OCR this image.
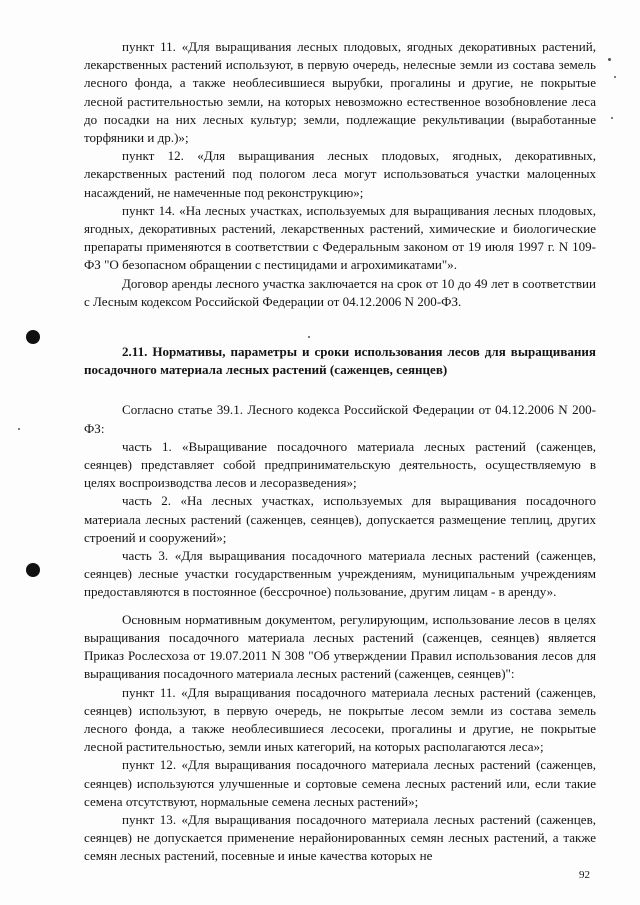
пункт 11. «Для выращивания лесных плодовых, ягодных декоративных растений, лекарственных растений используют, в первую очередь, нелесные земли из состава земель лесного фонда, а также необлесившиеся вырубки, прогалины и другие, не покрытые лесной растительностью земли, на которых невозможно естественное возобновление леса до посадки на них лесных культур; земли, подлежащие рекультивации (выработанные торфяники и др.)»;

пункт 12. «Для выращивания лесных плодовых, ягодных, декоративных, лекарственных растений под пологом леса могут использоваться участки малоценных насаждений, не намеченные под реконструкцию»;

пункт 14. «На лесных участках, используемых для выращивания лесных плодовых, ягодных, декоративных растений, лекарственных растений, химические и биологические препараты применяются в соответствии с Федеральным законом от 19 июля 1997 г. N 109-ФЗ "О безопасном обращении с пестицидами и агрохимикатами"».

Договор аренды лесного участка заключается на срок от 10 до 49 лет в соответствии с Лесным кодексом Российской Федерации от 04.12.2006 N 200-ФЗ.

2.11. Нормативы, параметры и сроки использования лесов для выращивания посадочного материала лесных растений (саженцев, сеянцев)

Согласно статье 39.1. Лесного кодекса Российской Федерации от 04.12.2006 N 200-ФЗ:

часть 1. «Выращивание посадочного материала лесных растений (саженцев, сеянцев) представляет собой предпринимательскую деятельность, осуществляемую в целях воспроизводства лесов и лесоразведения»;

часть 2. «На лесных участках, используемых для выращивания посадочного материала лесных растений (саженцев, сеянцев), допускается размещение теплиц, других строений и сооружений»;

часть 3. «Для выращивания посадочного материала лесных растений (саженцев, сеянцев) лесные участки государственным учреждениям, муниципальным учреждениям предоставляются в постоянное (бессрочное) пользование, другим лицам - в аренду».

Основным нормативным документом, регулирующим, использование лесов в целях выращивания посадочного материала лесных растений (саженцев, сеянцев) является Приказ Рослесхоза от 19.07.2011 N 308 "Об утверждении Правил использования лесов для выращивания посадочного материала лесных растений (саженцев, сеянцев)":

пункт 11. «Для выращивания посадочного материала лесных растений (саженцев, сеянцев) используют, в первую очередь, не покрытые лесом земли из состава земель лесного фонда, а также необлесившиеся лесосеки, прогалины и другие, не покрытые лесной растительностью, земли иных категорий, на которых располагаются леса»;

пункт 12. «Для выращивания посадочного материала лесных растений (саженцев, сеянцев) используются улучшенные и сортовые семена лесных растений или, если такие семена отсутствуют, нормальные семена лесных растений»;

пункт 13. «Для выращивания посадочного материала лесных растений (саженцев, сеянцев) не допускается применение нерайонированных семян лесных растений, а также семян лесных растений, посевные и иные качества которых не

92
